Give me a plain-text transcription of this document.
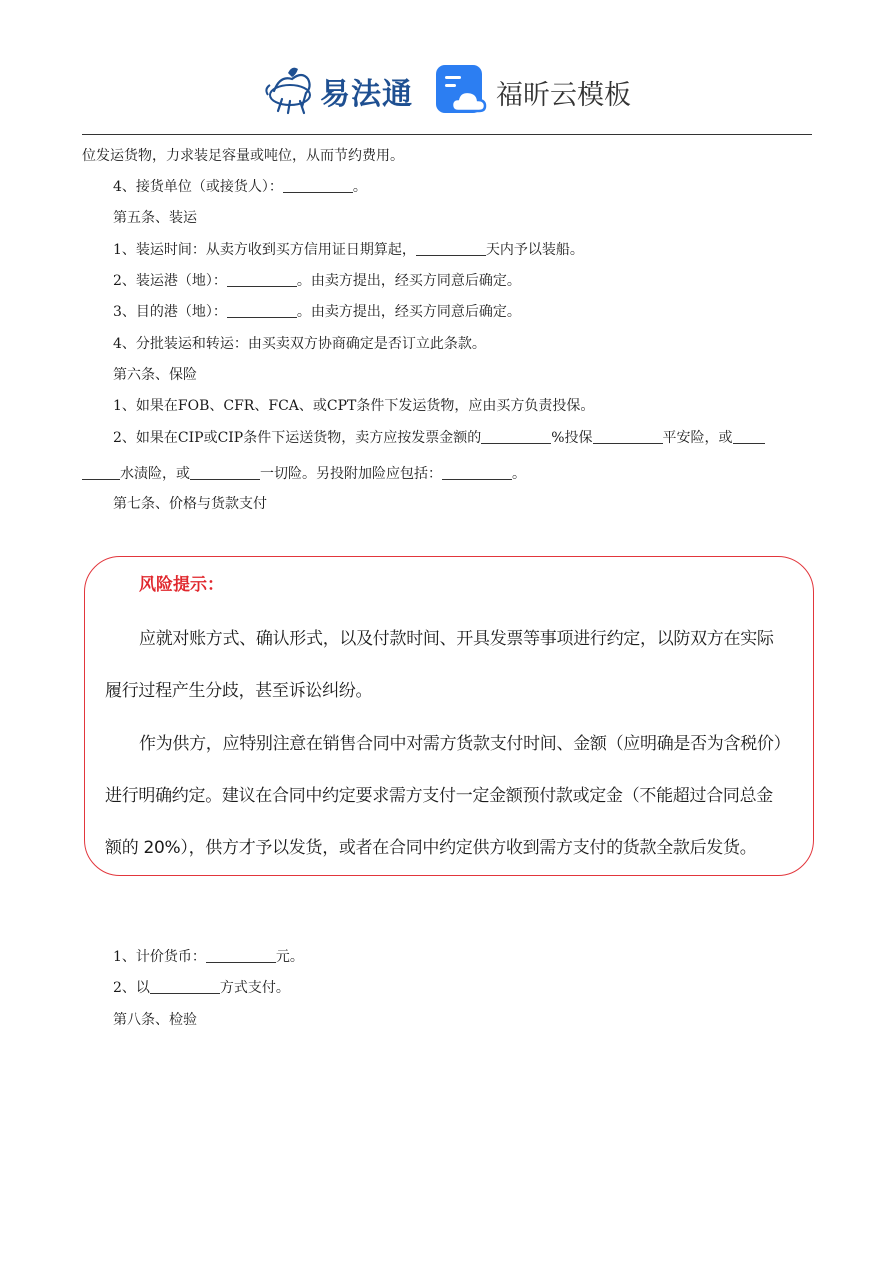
易法通	福昕云模板
位发运货物，力求装足容量或吨位，从而节约费用。
4、接货单位（或接货人）：	。
第五条、装运
1、装运时间：从卖方收到买方信用证日期算起，	天内予以装船。
2、装运港（地）：	。由卖方提出，经买方同意后确定。
3、目的港（地）：	。由卖方提出，经买方同意后确定。
4、分批装运和转运：由买卖双方协商确定是否订立此条款。
第六条、保险
1、如果在FOB、CFR、FCA、或CPT条件下发运货物，应由买方负责投保。
2、如果在CIP或CIP条件下运送货物，卖方应按发票金额的	%投保	平安险，或
水渍险，或	一切险。另投附加险应包括：	。
第七条、价格与货款支付
风险提示：
应就对账方式、确认形式，以及付款时间、开具发票等事项进行约定，以防双方在实际
履行过程产生分歧，甚至诉讼纠纷。
作为供方，应特别注意在销售合同中对需方货款支付时间、金额（应明确是否为含税价）
进行明确约定。建议在合同中约定要求需方支付一定金额预付款或定金（不能超过合同总金
额的 20%），供方才予以发货，或者在合同中约定供方收到需方支付的货款全款后发货。
1、计价货币：	元。
2、以	方式支付。
第八条、检验
